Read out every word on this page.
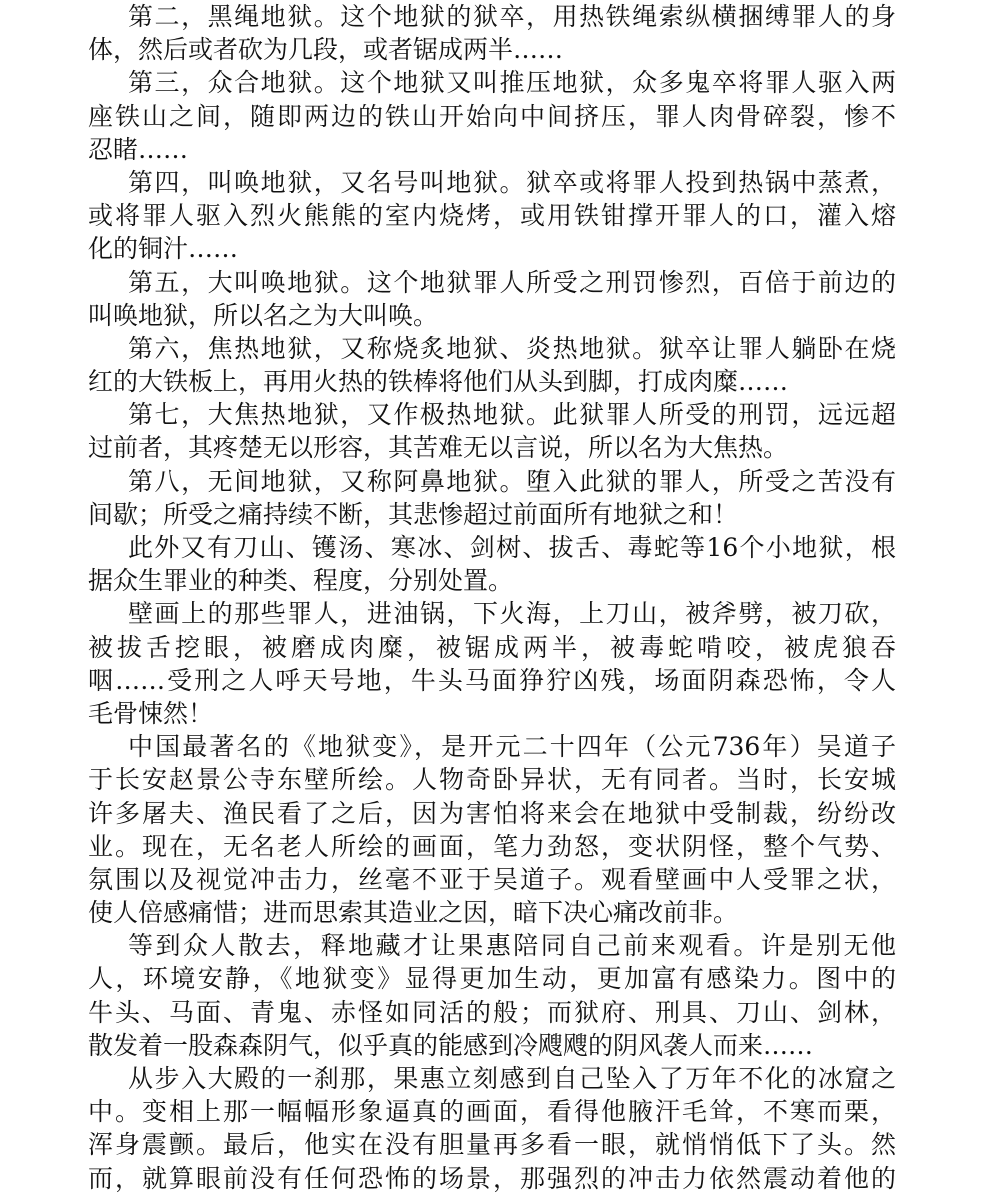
第二，黑绳地狱。这个地狱的狱卒，用热铁绳索纵横捆缚罪人的身
体，然后或者砍为几段，或者锯成两半……
第三，众合地狱。这个地狱又叫推压地狱，众多鬼卒将罪人驱入两
座铁山之间，随即两边的铁山开始向中间挤压，罪人肉骨碎裂，惨不
忍睹……
第四，叫唤地狱，又名号叫地狱。狱卒或将罪人投到热锅中蒸煮，
或将罪人驱入烈火熊熊的室内烧烤，或用铁钳撑开罪人的口，灌入熔
化的铜汁……
第五，大叫唤地狱。这个地狱罪人所受之刑罚惨烈，百倍于前边的
叫唤地狱，所以名之为大叫唤。
第六，焦热地狱，又称烧炙地狱、炎热地狱。狱卒让罪人躺卧在烧
红的大铁板上，再用火热的铁棒将他们从头到脚，打成肉糜……
第七，大焦热地狱，又作极热地狱。此狱罪人所受的刑罚，远远超
过前者，其疼楚无以形容，其苦难无以言说，所以名为大焦热。
第八，无间地狱，又称阿鼻地狱。堕入此狱的罪人，所受之苦没有
间歇；所受之痛持续不断，其悲惨超过前面所有地狱之和！
此外又有刀山、镬汤、寒冰、剑树、拔舌、毒蛇等16个小地狱，根
据众生罪业的种类、程度，分别处置。
壁画上的那些罪人，进油锅，下火海，上刀山，被斧劈，被刀砍，
被拔舌挖眼，被磨成肉糜，被锯成两半，被毒蛇啃咬，被虎狼吞
咽……受刑之人呼天号地，牛头马面狰狞凶残，场面阴森恐怖，令人
毛骨悚然！
中国最著名的《地狱变》，是开元二十四年（公元736年）吴道子
于长安赵景公寺东壁所绘。人物奇卧异状，无有同者。当时，长安城
许多屠夫、渔民看了之后，因为害怕将来会在地狱中受制裁，纷纷改
业。现在，无名老人所绘的画面，笔力劲怒，变状阴怪，整个气势、
氛围以及视觉冲击力，丝毫不亚于吴道子。观看壁画中人受罪之状，
使人倍感痛惜；进而思索其造业之因，暗下决心痛改前非。
等到众人散去，释地藏才让果惠陪同自己前来观看。许是别无他
人，环境安静，《地狱变》显得更加生动，更加富有感染力。图中的
牛头、马面、青鬼、赤怪如同活的般；而狱府、刑具、刀山、剑林，
散发着一股森森阴气，似乎真的能感到冷飕飕的阴风袭人而来……
从步入大殿的一刹那，果惠立刻感到自己坠入了万年不化的冰窟之
中。变相上那一幅幅形象逼真的画面，看得他腋汗毛耸，不寒而栗，
浑身震颤。最后，他实在没有胆量再多看一眼，就悄悄低下了头。然
而，就算眼前没有任何恐怖的场景，那强烈的冲击力依然震动着他的
